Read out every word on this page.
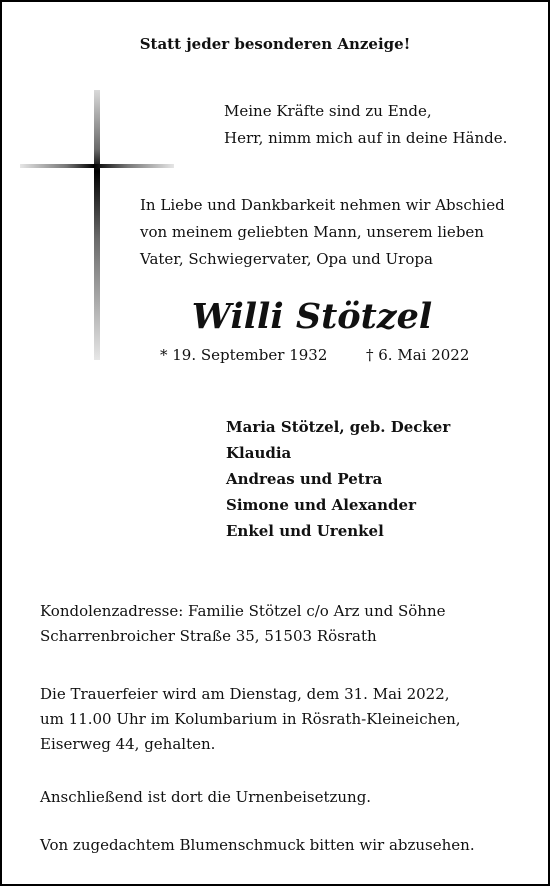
Statt jeder besonderen Anzeige!
Meine Kräfte sind zu Ende,
Herr, nimm mich auf in deine Hände.
In Liebe und Dankbarkeit nehmen wir Abschied
von meinem geliebten Mann, unserem lieben
Vater, Schwiegervater, Opa und Uropa
Willi Stötzel
* 19. September 1932	† 6. Mai 2022
Maria Stötzel, geb. Decker
Klaudia
Andreas und Petra
Simone und Alexander
Enkel und Urenkel
Kondolenzadresse: Familie Stötzel c/o Arz und Söhne
Scharrenbroicher Straße 35, 51503 Rösrath
Die Trauerfeier wird am Dienstag, dem 31. Mai 2022,
um 11.00 Uhr im Kolumbarium in Rösrath-Kleineichen,
Eiserweg 44, gehalten.
Anschließend ist dort die Urnenbeisetzung.
Von zugedachtem Blumenschmuck bitten wir abzusehen.
